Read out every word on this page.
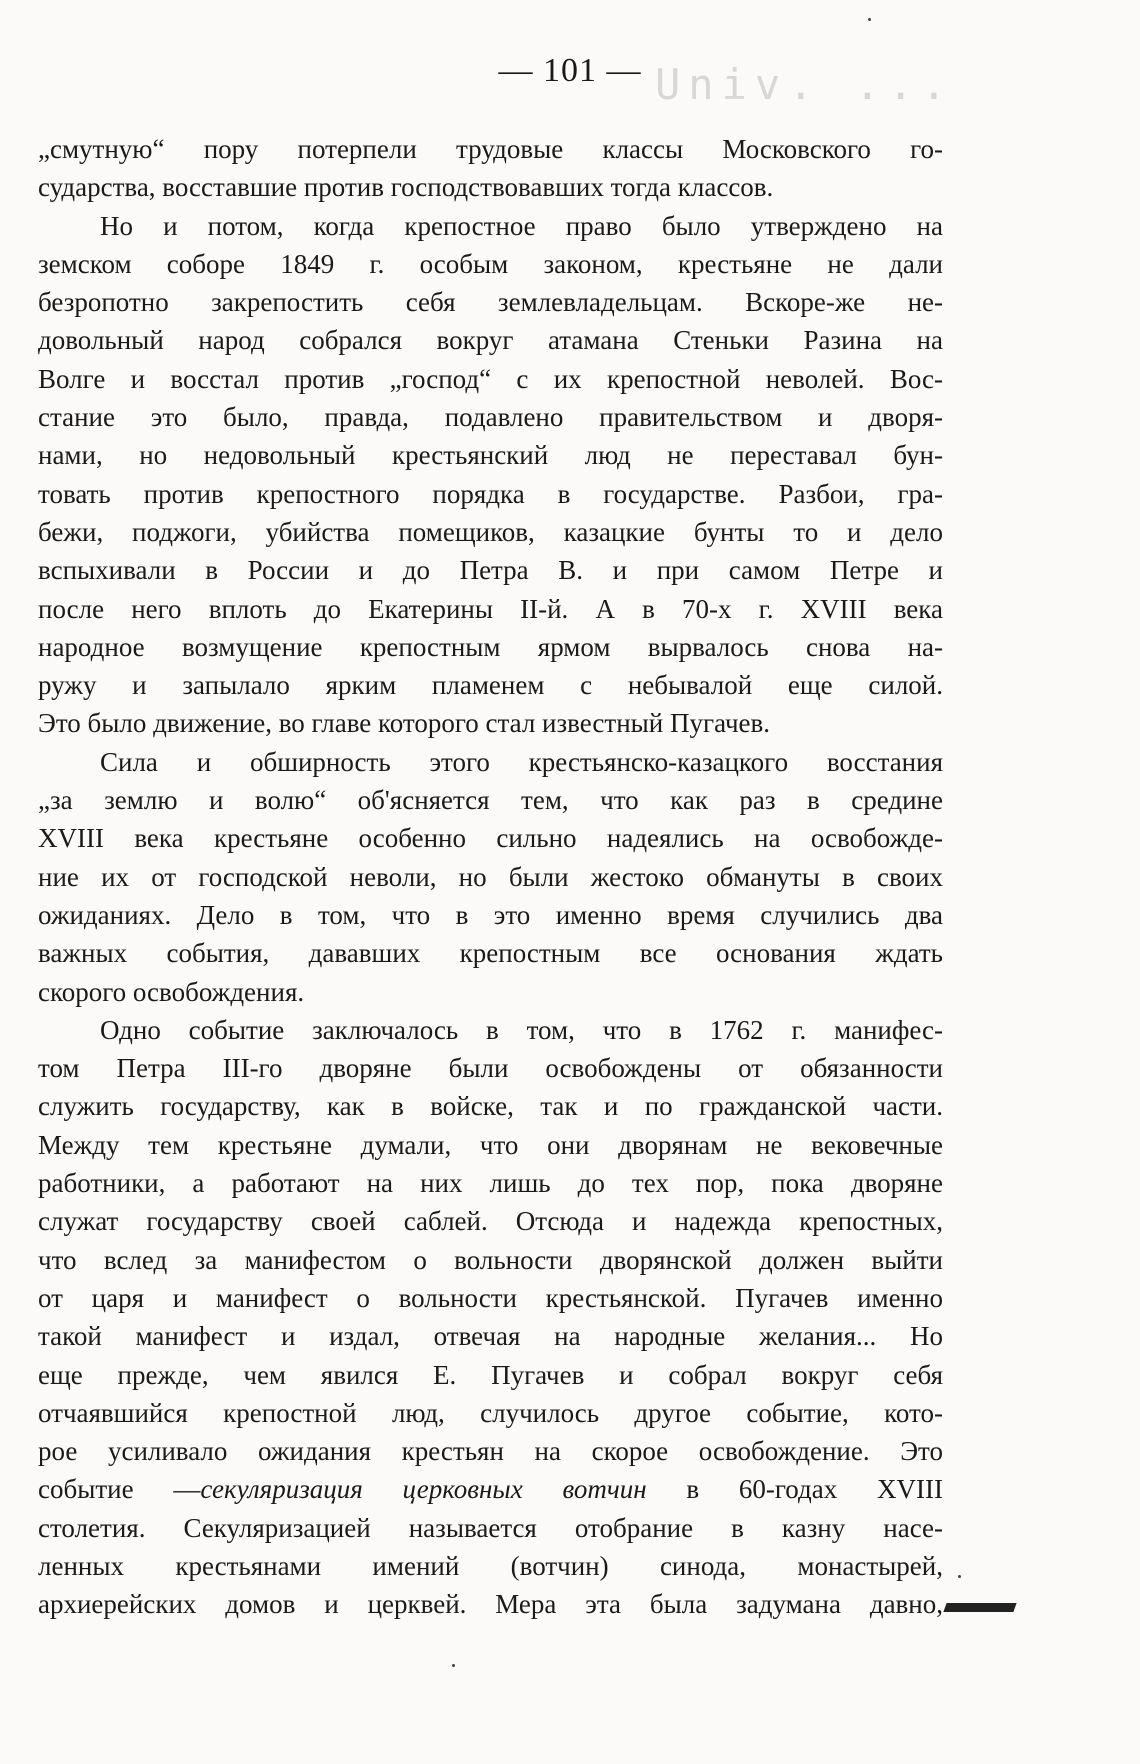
— 101 — Univ. ...
„смутную“ пору потерпели трудовые классы Московского го-
сударства, восставшие против господствовавших тогда классов.
Но и потом, когда крепостное право было утверждено на
земском соборе 1849 г. особым законом, крестьяне не дали
безропотно закрепостить себя землевладельцам. Вскоре-же не-
довольный народ собрался вокруг атамана Стеньки Разина на
Волге и восстал против „господ“ с их крепостной неволей. Вос-
стание это было, правда, подавлено правительством и дворя-
нами, но недовольный крестьянский люд не переставал бун-
товать против крепостного порядка в государстве. Разбои, гра-
бежи, поджоги, убийства помещиков, казацкие бунты то и дело
вспыхивали в России и до Петра В. и при самом Петре и
после него вплоть до Екатерины II-й. А в 70-х г. XVIII века
народное возмущение крепостным ярмом вырвалось снова на-
ружу и запылало ярким пламенем с небывалой еще силой.
Это было движение, во главе которого стал известный Пугачев.
Сила и обширность этого крестьянско-казацкого восстания
„за землю и волю“ об'ясняется тем, что как раз в средине
XVIII века крестьяне особенно сильно надеялись на освобожде-
ние их от господской неволи, но были жестоко обмануты в своих
ожиданиях. Дело в том, что в это именно время случились два
важных события, дававших крепостным все основания ждать
скорого освобождения.
Одно событие заключалось в том, что в 1762 г. манифес-
том Петра III-го дворяне были освобождены от обязанности
служить государству, как в войске, так и по гражданской части.
Между тем крестьяне думали, что они дворянам не вековечные
работники, а работают на них лишь до тех пор, пока дворяне
служат государству своей саблей. Отсюда и надежда крепостных,
что вслед за манифестом о вольности дворянской должен выйти
от царя и манифест о вольности крестьянской. Пугачев именно
такой манифест и издал, отвечая на народные желания... Но
еще прежде, чем явился Е. Пугачев и собрал вокруг себя
отчаявшийся крепостной люд, случилось другое событие, кото-
рое усиливало ожидания крестьян на скорое освобождение. Это
событие —секуляризация церковных вотчин в 60-годах XVIII
столетия. Секуляризацией называется отобрание в казну насе-
ленных крестьянами имений (вотчин) синода, монастырей,
архиерейских домов и церквей. Мера эта была задумана давно,
